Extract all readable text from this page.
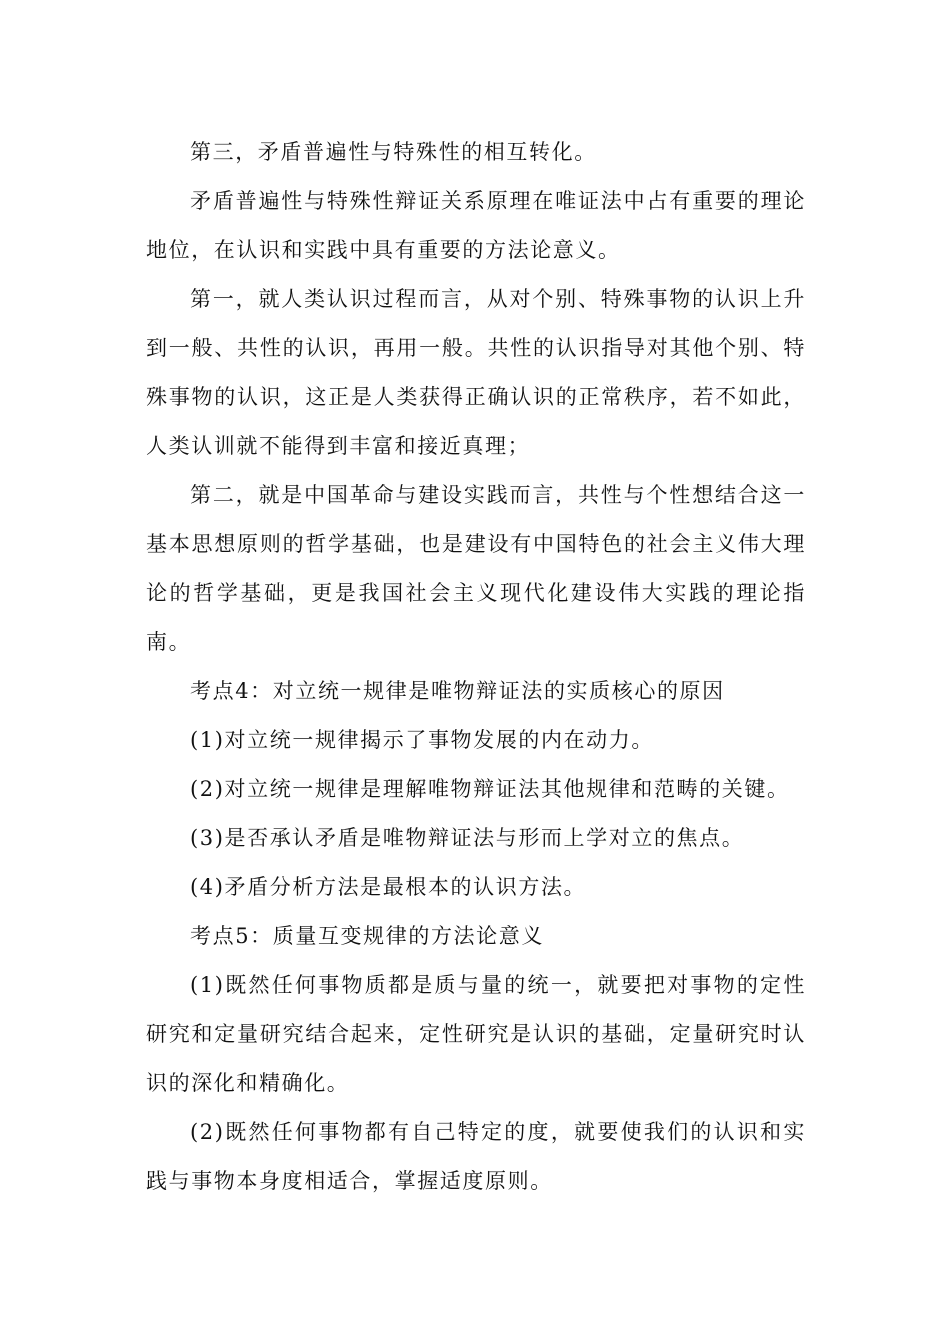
第三，矛盾普遍性与特殊性的相互转化。

矛盾普遍性与特殊性辩证关系原理在唯证法中占有重要的理论地位，在认识和实践中具有重要的方法论意义。

第一，就人类认识过程而言，从对个别、特殊事物的认识上升到一般、共性的认识，再用一般。共性的认识指导对其他个别、特殊事物的认识，这正是人类获得正确认识的正常秩序，若不如此，人类认训就不能得到丰富和接近真理；

第二，就是中国革命与建设实践而言，共性与个性想结合这一基本思想原则的哲学基础，也是建设有中国特色的社会主义伟大理论的哲学基础，更是我国社会主义现代化建设伟大实践的理论指南。

考点4：对立统一规律是唯物辩证法的实质核心的原因

(1)对立统一规律揭示了事物发展的内在动力。

(2)对立统一规律是理解唯物辩证法其他规律和范畴的关键。

(3)是否承认矛盾是唯物辩证法与形而上学对立的焦点。

(4)矛盾分析方法是最根本的认识方法。

考点5：质量互变规律的方法论意义

(1)既然任何事物质都是质与量的统一，就要把对事物的定性研究和定量研究结合起来，定性研究是认识的基础，定量研究时认识的深化和精确化。

(2)既然任何事物都有自己特定的度，就要使我们的认识和实践与事物本身度相适合，掌握适度原则。
